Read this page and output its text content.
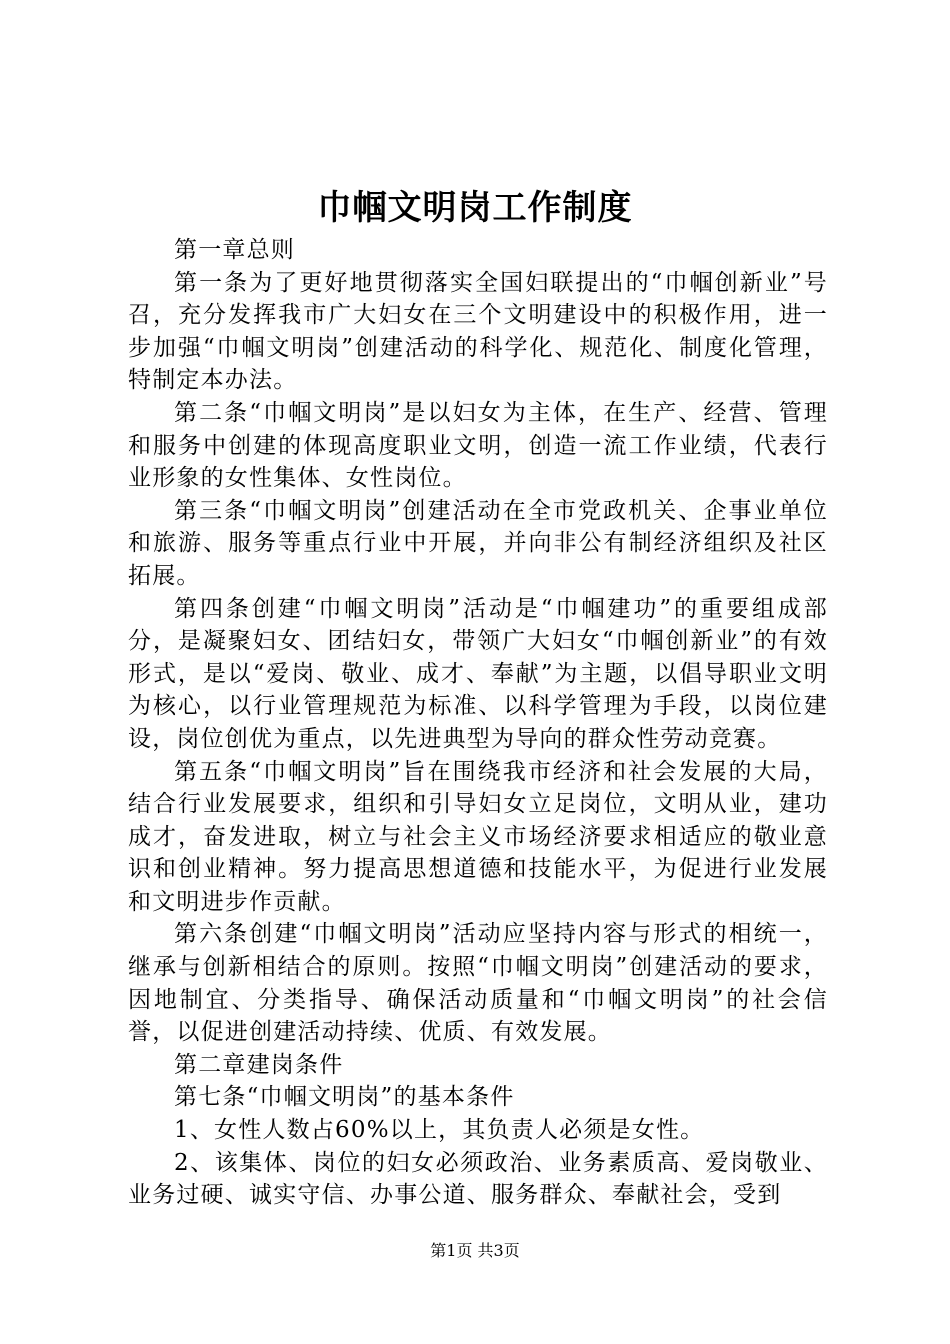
巾帼文明岗工作制度

第一章总则

第一条为了更好地贯彻落实全国妇联提出的“巾帼创新业”号召，充分发挥我市广大妇女在三个文明建设中的积极作用，进一步加强“巾帼文明岗”创建活动的科学化、规范化、制度化管理，特制定本办法。

第二条“巾帼文明岗”是以妇女为主体，在生产、经营、管理和服务中创建的体现高度职业文明，创造一流工作业绩，代表行业形象的女性集体、女性岗位。

第三条“巾帼文明岗”创建活动在全市党政机关、企事业单位和旅游、服务等重点行业中开展，并向非公有制经济组织及社区拓展。

第四条创建“巾帼文明岗”活动是“巾帼建功”的重要组成部分，是凝聚妇女、团结妇女，带领广大妇女“巾帼创新业”的有效形式，是以“爱岗、敬业、成才、奉献”为主题，以倡导职业文明为核心，以行业管理规范为标准、以科学管理为手段，以岗位建设，岗位创优为重点，以先进典型为导向的群众性劳动竞赛。

第五条“巾帼文明岗”旨在围绕我市经济和社会发展的大局，结合行业发展要求，组织和引导妇女立足岗位，文明从业，建功成才，奋发进取，树立与社会主义市场经济要求相适应的敬业意识和创业精神。努力提高思想道德和技能水平，为促进行业发展和文明进步作贡献。

第六条创建“巾帼文明岗”活动应坚持内容与形式的相统一，继承与创新相结合的原则。按照“巾帼文明岗”创建活动的要求，因地制宜、分类指导、确保活动质量和“巾帼文明岗”的社会信誉，以促进创建活动持续、优质、有效发展。

第二章建岗条件

第七条“巾帼文明岗”的基本条件

1、女性人数占60%以上，其负责人必须是女性。

2、该集体、岗位的妇女必须政治、业务素质高、爱岗敬业、业务过硬、诚实守信、办事公道、服务群众、奉献社会，受到

第1页 共3页
